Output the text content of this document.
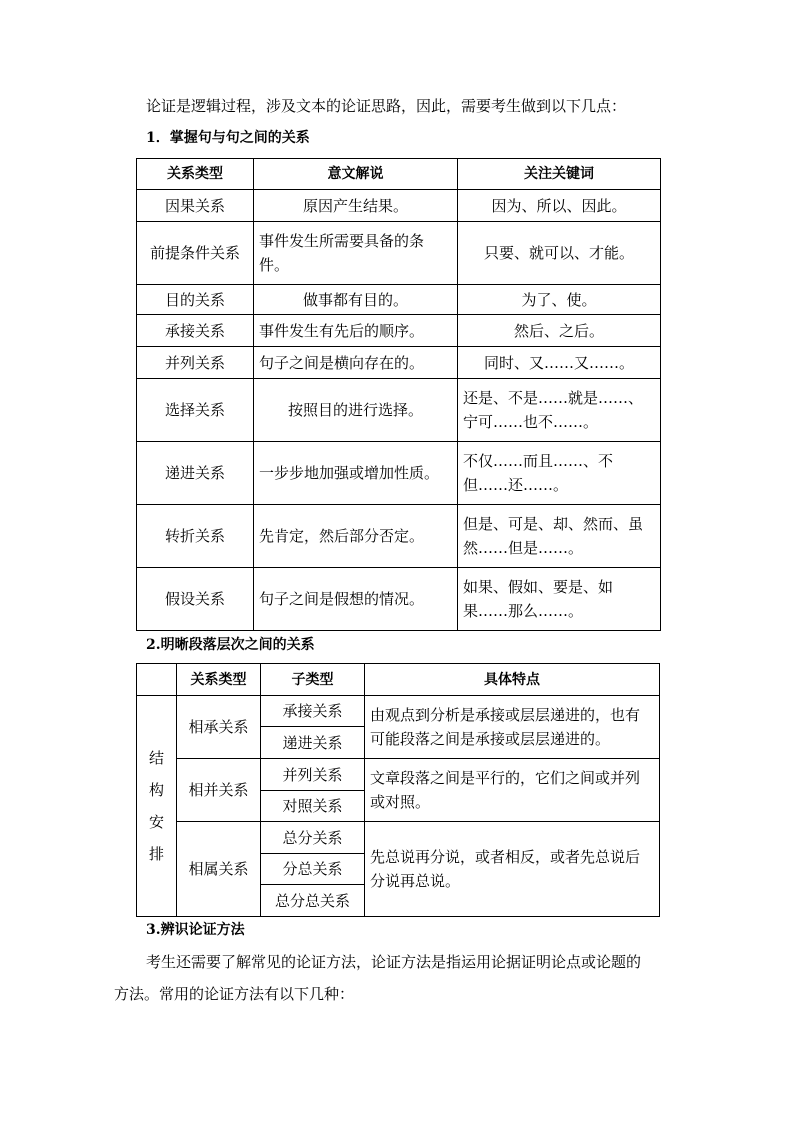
论证是逻辑过程，涉及文本的论证思路，因此，需要考生做到以下几点：
1．掌握句与句之间的关系
关系类型	意文解说	关注关键词
因果关系	原因产生结果。	因为、所以、因此。
前提条件关系	事件发生所需要具备的条件。	只要、就可以、才能。
目的关系	做事都有目的。	为了、使。
承接关系	事件发生有先后的顺序。	然后、之后。
并列关系	句子之间是横向存在的。	同时、又……又……。
选择关系	按照目的进行选择。	还是、不是……就是……、宁可……也不……。
递进关系	一步步地加强或增加性质。	不仅……而且……、不但……还……。
转折关系	先肯定，然后部分否定。	但是、可是、却、然而、虽然……但是……。
假设关系	句子之间是假想的情况。	如果、假如、要是、如果……那么……。
2.明晰段落层次之间的关系
	关系类型	子类型	具体特点

结
构
安
排	相承关系	承接关系	由观点到分析是承接或层层递进的，也有可能段落之间是承接或层层递进的。
		递进关系	
	相并关系	并列关系	文章段落之间是平行的，它们之间或并列或对照。
		对照关系	
	相属关系	总分关系	先总说再分说，或者相反，或者先总说后分说再总说。
		分总关系	
		总分总关系	
3.辨识论证方法
考生还需要了解常见的论证方法，论证方法是指运用论据证明论点或论题的
方法。常用的论证方法有以下几种：
